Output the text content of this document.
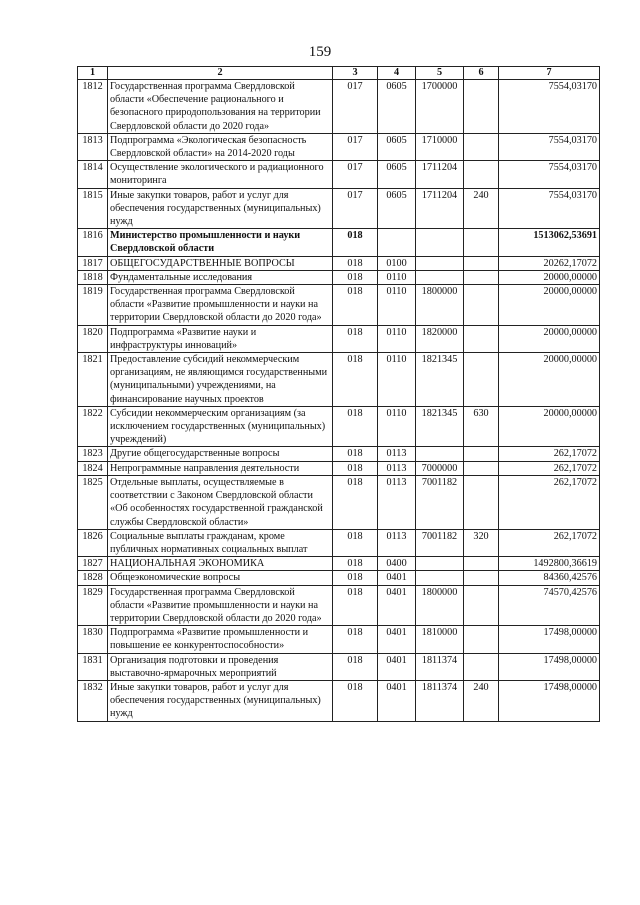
159
1	2	3	4	5	6	7
1812	Государственная программа Свердловской области «Обеспечение рационального и безопасного природопользования на территории Свердловской области до 2020 года»	017	0605	1700000		7554,03170
1813	Подпрограмма «Экологическая безопасность Свердловской области» на 2014-2020 годы	017	0605	1710000		7554,03170
1814	Осуществление экологического и радиационного мониторинга	017	0605	1711204		7554,03170
1815	Иные закупки товаров, работ и услуг для обеспечения государственных (муниципальных) нужд	017	0605	1711204	240	7554,03170
1816	Министерство промышленности и науки Свердловской области	018				1513062,53691
1817	ОБЩЕГОСУДАРСТВЕННЫЕ ВОПРОСЫ	018	0100			20262,17072
1818	Фундаментальные исследования	018	0110			20000,00000
1819	Государственная программа Свердловской области «Развитие промышленности и науки на территории Свердловской области до 2020 года»	018	0110	1800000		20000,00000
1820	Подпрограмма «Развитие науки и инфраструктуры инноваций»	018	0110	1820000		20000,00000
1821	Предоставление субсидий некоммерческим организациям, не являющимся государственными (муниципальными) учреждениями, на финансирование научных проектов	018	0110	1821345		20000,00000
1822	Субсидии некоммерческим организациям (за исключением государственных (муниципальных) учреждений)	018	0110	1821345	630	20000,00000
1823	Другие общегосударственные вопросы	018	0113			262,17072
1824	Непрограммные направления деятельности	018	0113	7000000		262,17072
1825	Отдельные выплаты, осуществляемые в соответствии с Законом Свердловской области «Об особенностях государственной гражданской службы Свердловской области»	018	0113	7001182		262,17072
1826	Социальные выплаты гражданам, кроме публичных нормативных социальных выплат	018	0113	7001182	320	262,17072
1827	НАЦИОНАЛЬНАЯ ЭКОНОМИКА	018	0400			1492800,36619
1828	Общеэкономические вопросы	018	0401			84360,42576
1829	Государственная программа Свердловской области «Развитие промышленности и науки на территории Свердловской области до 2020 года»	018	0401	1800000		74570,42576
1830	Подпрограмма «Развитие промышленности и повышение ее конкурентоспособности»	018	0401	1810000		17498,00000
1831	Организация подготовки и проведения выставочно-ярмарочных мероприятий	018	0401	1811374		17498,00000
1832	Иные закупки товаров, работ и услуг для обеспечения государственных (муниципальных) нужд	018	0401	1811374	240	17498,00000
